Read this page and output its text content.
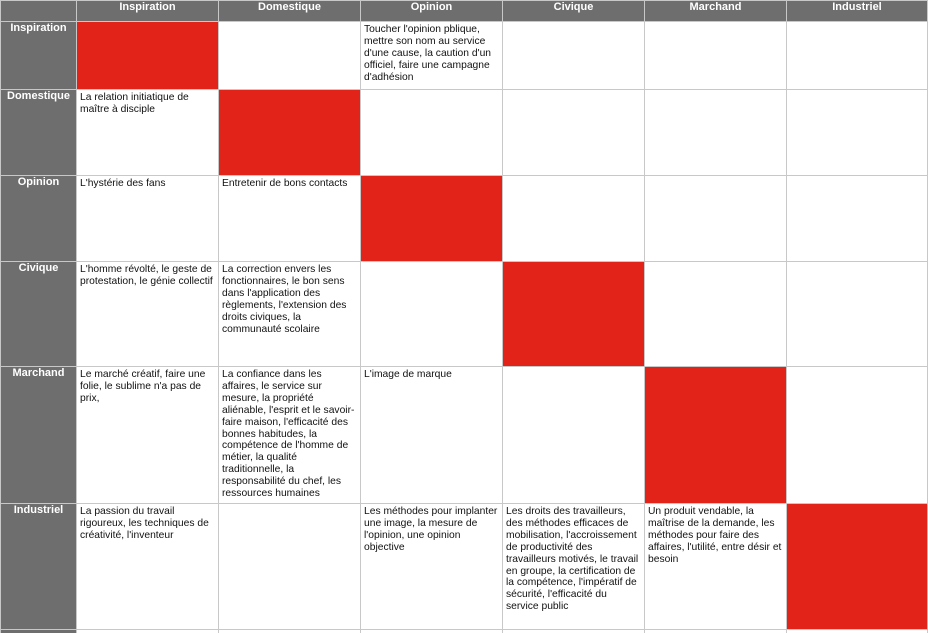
	Inspiration	Domestique	Opinion	Civique	Marchand	Industriel
Inspiration			Toucher l'opinion pblique, mettre son nom au service d'une cause, la caution d'un officiel, faire une campagne d'adhésion			

Domestique	La relation initiatique de maître à disciple					

Opinion	L'hystérie des fans	Entretenir de bons contacts				

Civique	L'homme révolté, le geste de protestation, le génie collectif	La correction envers les fonctionnaires, le bon sens dans l'application des règlements, l'extension des droits civiques, la communauté scolaire				

Marchand	Le marché créatif, faire une folie, le sublime n'a pas de prix,	La confiance dans les affaires, le service sur mesure, la propriété aliénable, l'esprit et le savoir-faire maison, l'efficacité des bonnes habitudes, la compétence de l'homme de métier, la qualité traditionnelle, la responsabilité du chef, les ressources humaines	L'image de marque			

Industriel	La passion du travail rigoureux, les techniques de créativité, l'inventeur		Les méthodes pour implanter une image, la mesure de l'opinion, une opinion objective	Les droits des travailleurs, des méthodes efficaces de mobilisation, l'accroissement de productivité des travailleurs motivés, le travail en groupe, la certification de la compétence, l'impératif de sécurité, l'efficacité du service public	Un produit vendable, la maîtrise de la demande, les méthodes pour faire des affaires, l'utilité, entre désir et besoin	
